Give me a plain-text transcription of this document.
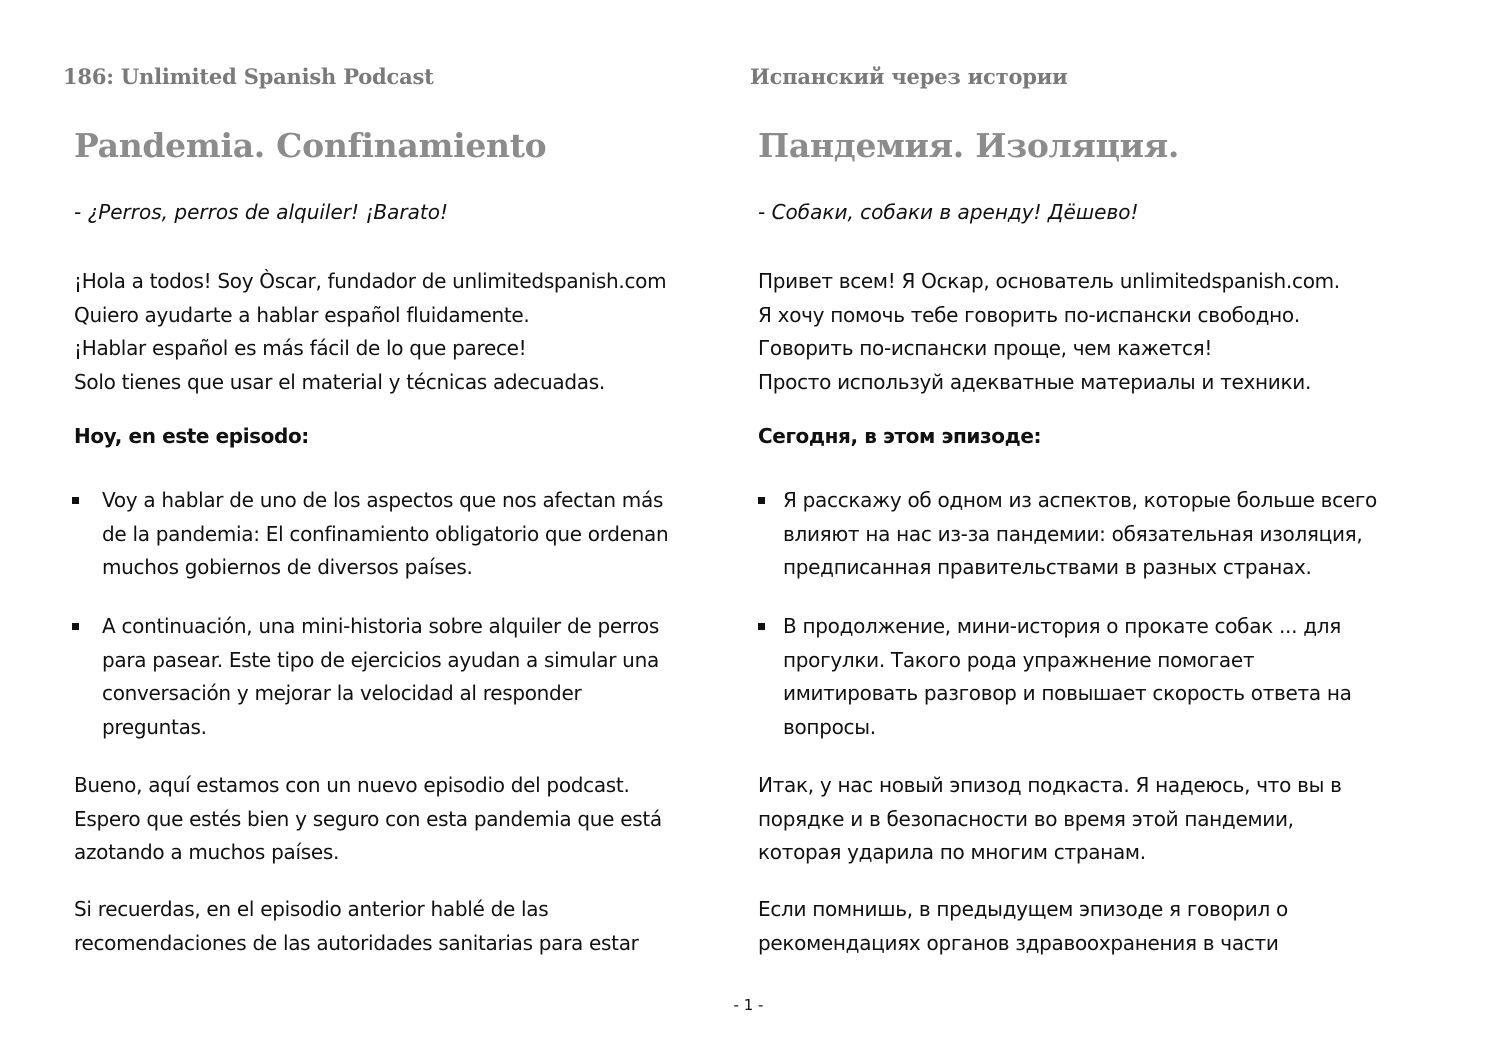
186: Unlimited Spanish Podcast
Pandemia. Confinamiento
- ¿Perros, perros de alquiler! ¡Barato!
¡Hola a todos! Soy Òscar, fundador de unlimitedspanish.com
Quiero ayudarte a hablar español fluidamente.
¡Hablar español es más fácil de lo que parece!
Solo tienes que usar el material y técnicas adecuadas.
Hoy, en este episodo:
Voy a hablar de uno de los aspectos que nos afectan más
de la pandemia: El confinamiento obligatorio que ordenan
muchos gobiernos de diversos países.
A continuación, una mini-historia sobre alquiler de perros
para pasear. Este tipo de ejercicios ayudan a simular una
conversación y mejorar la velocidad al responder
preguntas.
Bueno, aquí estamos con un nuevo episodio del podcast.
Espero que estés bien y seguro con esta pandemia que está
azotando a muchos países.
Si recuerdas, en el episodio anterior hablé de las
recomendaciones de las autoridades sanitarias para estar
Испанский через истории
Пандемия. Изоляция.
- Собаки, собаки в аренду! Дёшево!
Привет всем! Я Оскар, основатель unlimitedspanish.com.
Я хочу помочь тебе говорить по-испански свободно.
Говорить по-испански проще, чем кажется!
Просто используй адекватные материалы и техники.
Сегодня, в этом эпизоде:
Я расскажу об одном из аспектов, которые больше всего
влияют на нас из-за пандемии: обязательная изоляция,
предписанная правительствами в разных странах.
В продолжение, мини-история о прокате собак ... для
прогулки. Такого рода упражнение помогает
имитировать разговор и повышает скорость ответа на
вопросы.
Итак, у нас новый эпизод подкаста. Я надеюсь, что вы в
порядке и в безопасности во время этой пандемии,
которая ударила по многим странам.
Если помнишь, в предыдущем эпизоде я говорил о
рекомендациях органов здравоохранения в части
- 1 -
